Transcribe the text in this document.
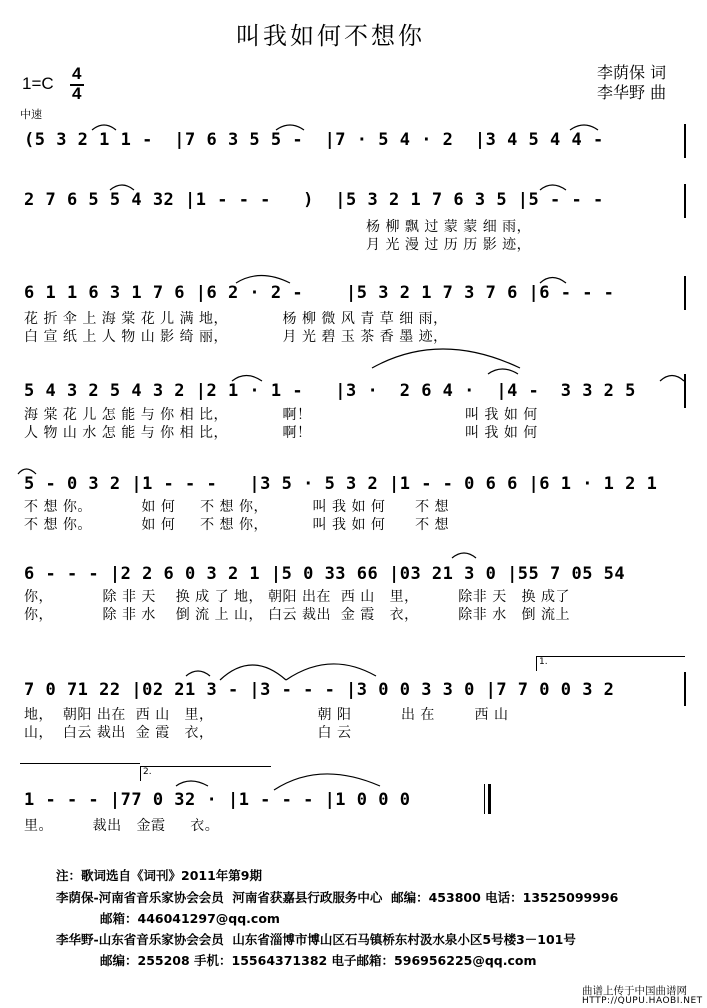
叫我如何不想你
李荫保 词
李华野 曲
1=C
4
4
中速
(5 3 2 1 1 -  |7 6 3 5 5 -  |7 · 5 4 · 2  |3 4 5 4 4 -
2 7 6 5 5 4 32 |1 - - -   )  |5 3 2 1 7 6 3 5 |5 - - -
杨 柳 飘 过 蒙 蒙 细 雨，
月 光 漫 过 历 历 影 迹，
6 1 1 6 3 1 7 6 |6 2 · 2 -    |5 3 2 1 7 3 7 6 |6 - - -
花 折 伞 上 海 棠 花 儿 满 地，           杨 柳 微 风 青 草 细 雨，
白 宣 纸 上 人 物 山 影 绮 丽，           月 光 碧 玉 茶 香 墨 迹，
5 4 3 2 5 4 3 2 |2 1 · 1 -   |3 ·  2 6 4 ·  |4 -  3 3 2 5
海 棠 花 儿 怎 能 与 你 相 比，           啊！                               叫 我 如 何
人 物 山 水 怎 能 与 你 相 比，           啊！                               叫 我 如 何
5 - 0 3 2 |1 - - -   |3 5 · 5 3 2 |1 - - 0 6 6 |6 1 · 1 2 1
不 想 你。          如 何     不 想 你，         叫 我 如 何      不 想
不 想 你。          如 何     不 想 你，         叫 我 如 何      不 想
6 - - - |2 2 6 0 3 2 1 |5 0 33 66 |03 21 3 0 |55 7 05 54
你，          除 非 天    换 成 了 地， 朝阳 出在  西 山   里，        除非 天   换 成了
你，          除 非 水    倒 流 上 山， 白云 裁出  金 霞   衣，        除非 水   倒 流上
7 0 71 22 |02 21 3 - |3 - - - |3 0 0 3 3 0 |7 7 0 0 3 2
地，  朝阳 出在  西 山   里，                     朝 阳          出 在        西 山
山，  白云 裁出  金 霞   衣，                     白 云
1.
2.
1 - - - |77 0 32 · |1 - - - |1 0 0 0
里。        裁出   金霞     衣。
注：歌词选自《词刊》2011年第9期
李荫保-河南省音乐家协会会员  河南省获嘉县行政服务中心  邮编：453800 电话：13525099996
邮箱：446041297@qq.com
李华野-山东省音乐家协会会员  山东省淄博市博山区石马镇桥东村汲水泉小区5号楼3－101号
邮编：255208 手机：15564371382 电子邮箱：596956225@qq.com
曲谱上传于中国曲谱网
HTTP://QUPU.HAOBI.NET
